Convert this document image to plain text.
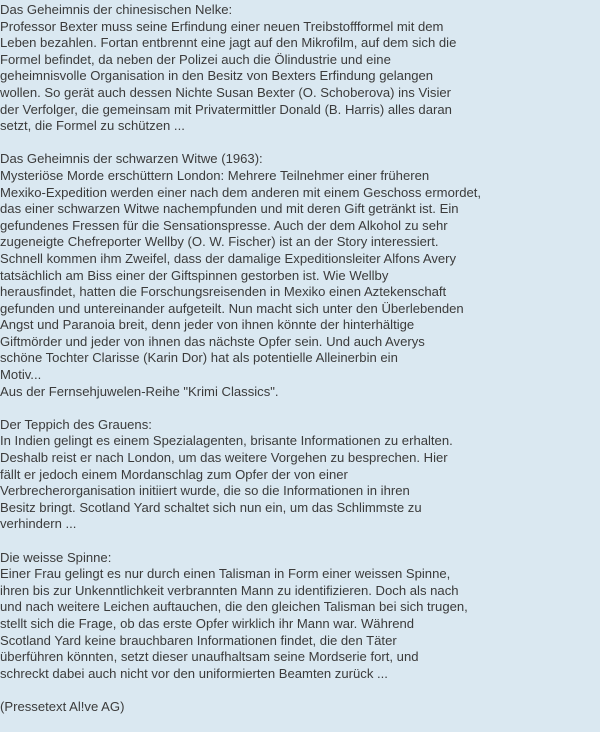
Das Geheimnis der chinesischen Nelke:
Professor Bexter muss seine Erfindung einer neuen Treibstoffformel mit dem
Leben bezahlen. Fortan entbrennt eine jagt auf den Mikrofilm, auf dem sich die
Formel befindet, da neben der Polizei auch die Ölindustrie und eine
geheimnisvolle Organisation in den Besitz von Bexters Erfindung gelangen
wollen. So gerät auch dessen Nichte Susan Bexter (O. Schoberova) ins Visier
der Verfolger, die gemeinsam mit Privatermittler Donald (B. Harris) alles daran
setzt, die Formel zu schützen ...
Das Geheimnis der schwarzen Witwe (1963):
Mysteriöse Morde erschüttern London: Mehrere Teilnehmer einer früheren
Mexiko-Expedition werden einer nach dem anderen mit einem Geschoss ermordet,
das einer schwarzen Witwe nachempfunden und mit deren Gift getränkt ist. Ein
gefundenes Fressen für die Sensationspresse. Auch der dem Alkohol zu sehr
zugeneigte Chefreporter Wellby (O. W. Fischer) ist an der Story interessiert.
Schnell kommen ihm Zweifel, dass der damalige Expeditionsleiter Alfons Avery
tatsächlich am Biss einer der Giftspinnen gestorben ist. Wie Wellby
herausfindet, hatten die Forschungsreisenden in Mexiko einen Aztekenschaft
gefunden und untereinander aufgeteilt. Nun macht sich unter den Überlebenden
Angst und Paranoia breit, denn jeder von ihnen könnte der hinterhältige
Giftmörder und jeder von ihnen das nächste Opfer sein. Und auch Averys
schöne Tochter Clarisse (Karin Dor) hat als potentielle Alleinerbin ein
Motiv...
Aus der Fernsehjuwelen-Reihe "Krimi Classics".
Der Teppich des Grauens:
In Indien gelingt es einem Spezialagenten, brisante Informationen zu erhalten.
Deshalb reist er nach London, um das weitere Vorgehen zu besprechen. Hier
fällt er jedoch einem Mordanschlag zum Opfer der von einer
Verbrecherorganisation initiiert wurde, die so die Informationen in ihren
Besitz bringt. Scotland Yard schaltet sich nun ein, um das Schlimmste zu
verhindern ...
Die weisse Spinne:
Einer Frau gelingt es nur durch einen Talisman in Form einer weissen Spinne,
ihren bis zur Unkenntlichkeit verbrannten Mann zu identifizieren. Doch als nach
und nach weitere Leichen auftauchen, die den gleichen Talisman bei sich trugen,
stellt sich die Frage, ob das erste Opfer wirklich ihr Mann war. Während
Scotland Yard keine brauchbaren Informationen findet, die den Täter
überführen könnten, setzt dieser unaufhaltsam seine Mordserie fort, und
schreckt dabei auch nicht vor den uniformierten Beamten zurück ...
(Pressetext Al!ve AG)
